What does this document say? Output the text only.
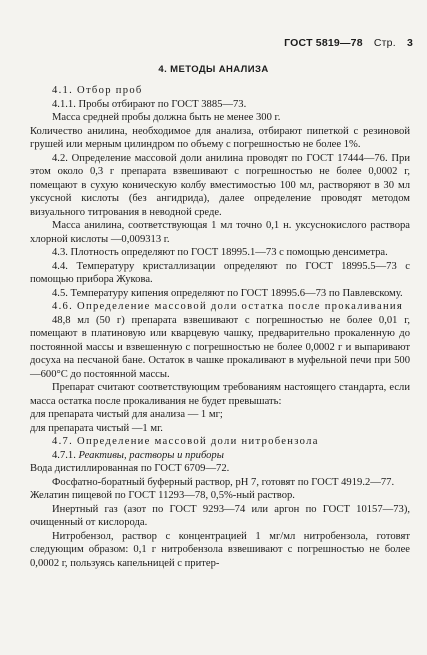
ГОСТ 5819—78 Стр. 3
4. МЕТОДЫ АНАЛИЗА

4.1. Отбор проб

4.1.1. Пробы отбирают по ГОСТ 3885—73.

Масса средней пробы должна быть не менее 300 г.

Количество анилина, необходимое для анализа, отбирают пипеткой с резиновой грушей или мерным цилиндром по объему с погрешностью не более 1%.

4.2. Определение массовой доли анилина проводят по ГОСТ 17444—76. При этом около 0,3 г препарата взвешивают с погрешностью не более 0,0002 г, помещают в сухую коническую колбу вместимостью 100 мл, растворяют в 30 мл уксусной кислоты (без ангидрида), далее определение проводят методом визуального титрования в неводной среде.

Масса анилина, соответствующая 1 мл точно 0,1 н. уксуснокислого раствора хлорной кислоты —0,009313 г.

4.3. Плотность определяют по ГОСТ 18995.1—73 с помощью денсиметра.

4.4. Температуру кристаллизации определяют по ГОСТ 18995.5—73 с помощью прибора Жукова.

4.5. Температуру кипения определяют по ГОСТ 18995.6—73 по Павлевскому.

4.6. Определение массовой доли остатка после прокаливания

48,8 мл (50 г) препарата взвешивают с погрешностью не более 0,01 г, помещают в платиновую или кварцевую чашку, предварительно прокаленную до постоянной массы и взвешенную с погрешностью не более 0,0002 г и выпаривают досуха на песчаной бане. Остаток в чашке прокаливают в муфельной печи при 500—600°С до постоянной массы.

Препарат считают соответствующим требованиям настоящего стандарта, если масса остатка после прокаливания не будет превышать:

для препарата чистый для анализа — 1 мг;

для препарата чистый —1 мг.

4.7. Определение массовой доли нитробензола

4.7.1. Реактивы, растворы и приборы

Вода дистиллированная по ГОСТ 6709—72.

Фосфатно-боратный буферный раствор, рН 7, готовят по ГОСТ 4919.2—77.

Желатин пищевой по ГОСТ 11293—78, 0,5%-ный раствор.

Инертный газ (азот по ГОСТ 9293—74 или аргон по ГОСТ 10157—73), очищенный от кислорода.

Нитробензол, раствор с концентрацией 1 мг/мл нитробензола, готовят следующим образом: 0,1 г нитробензола взвешивают с погрешностью не более 0,0002 г, пользуясь капельницей с притер-
